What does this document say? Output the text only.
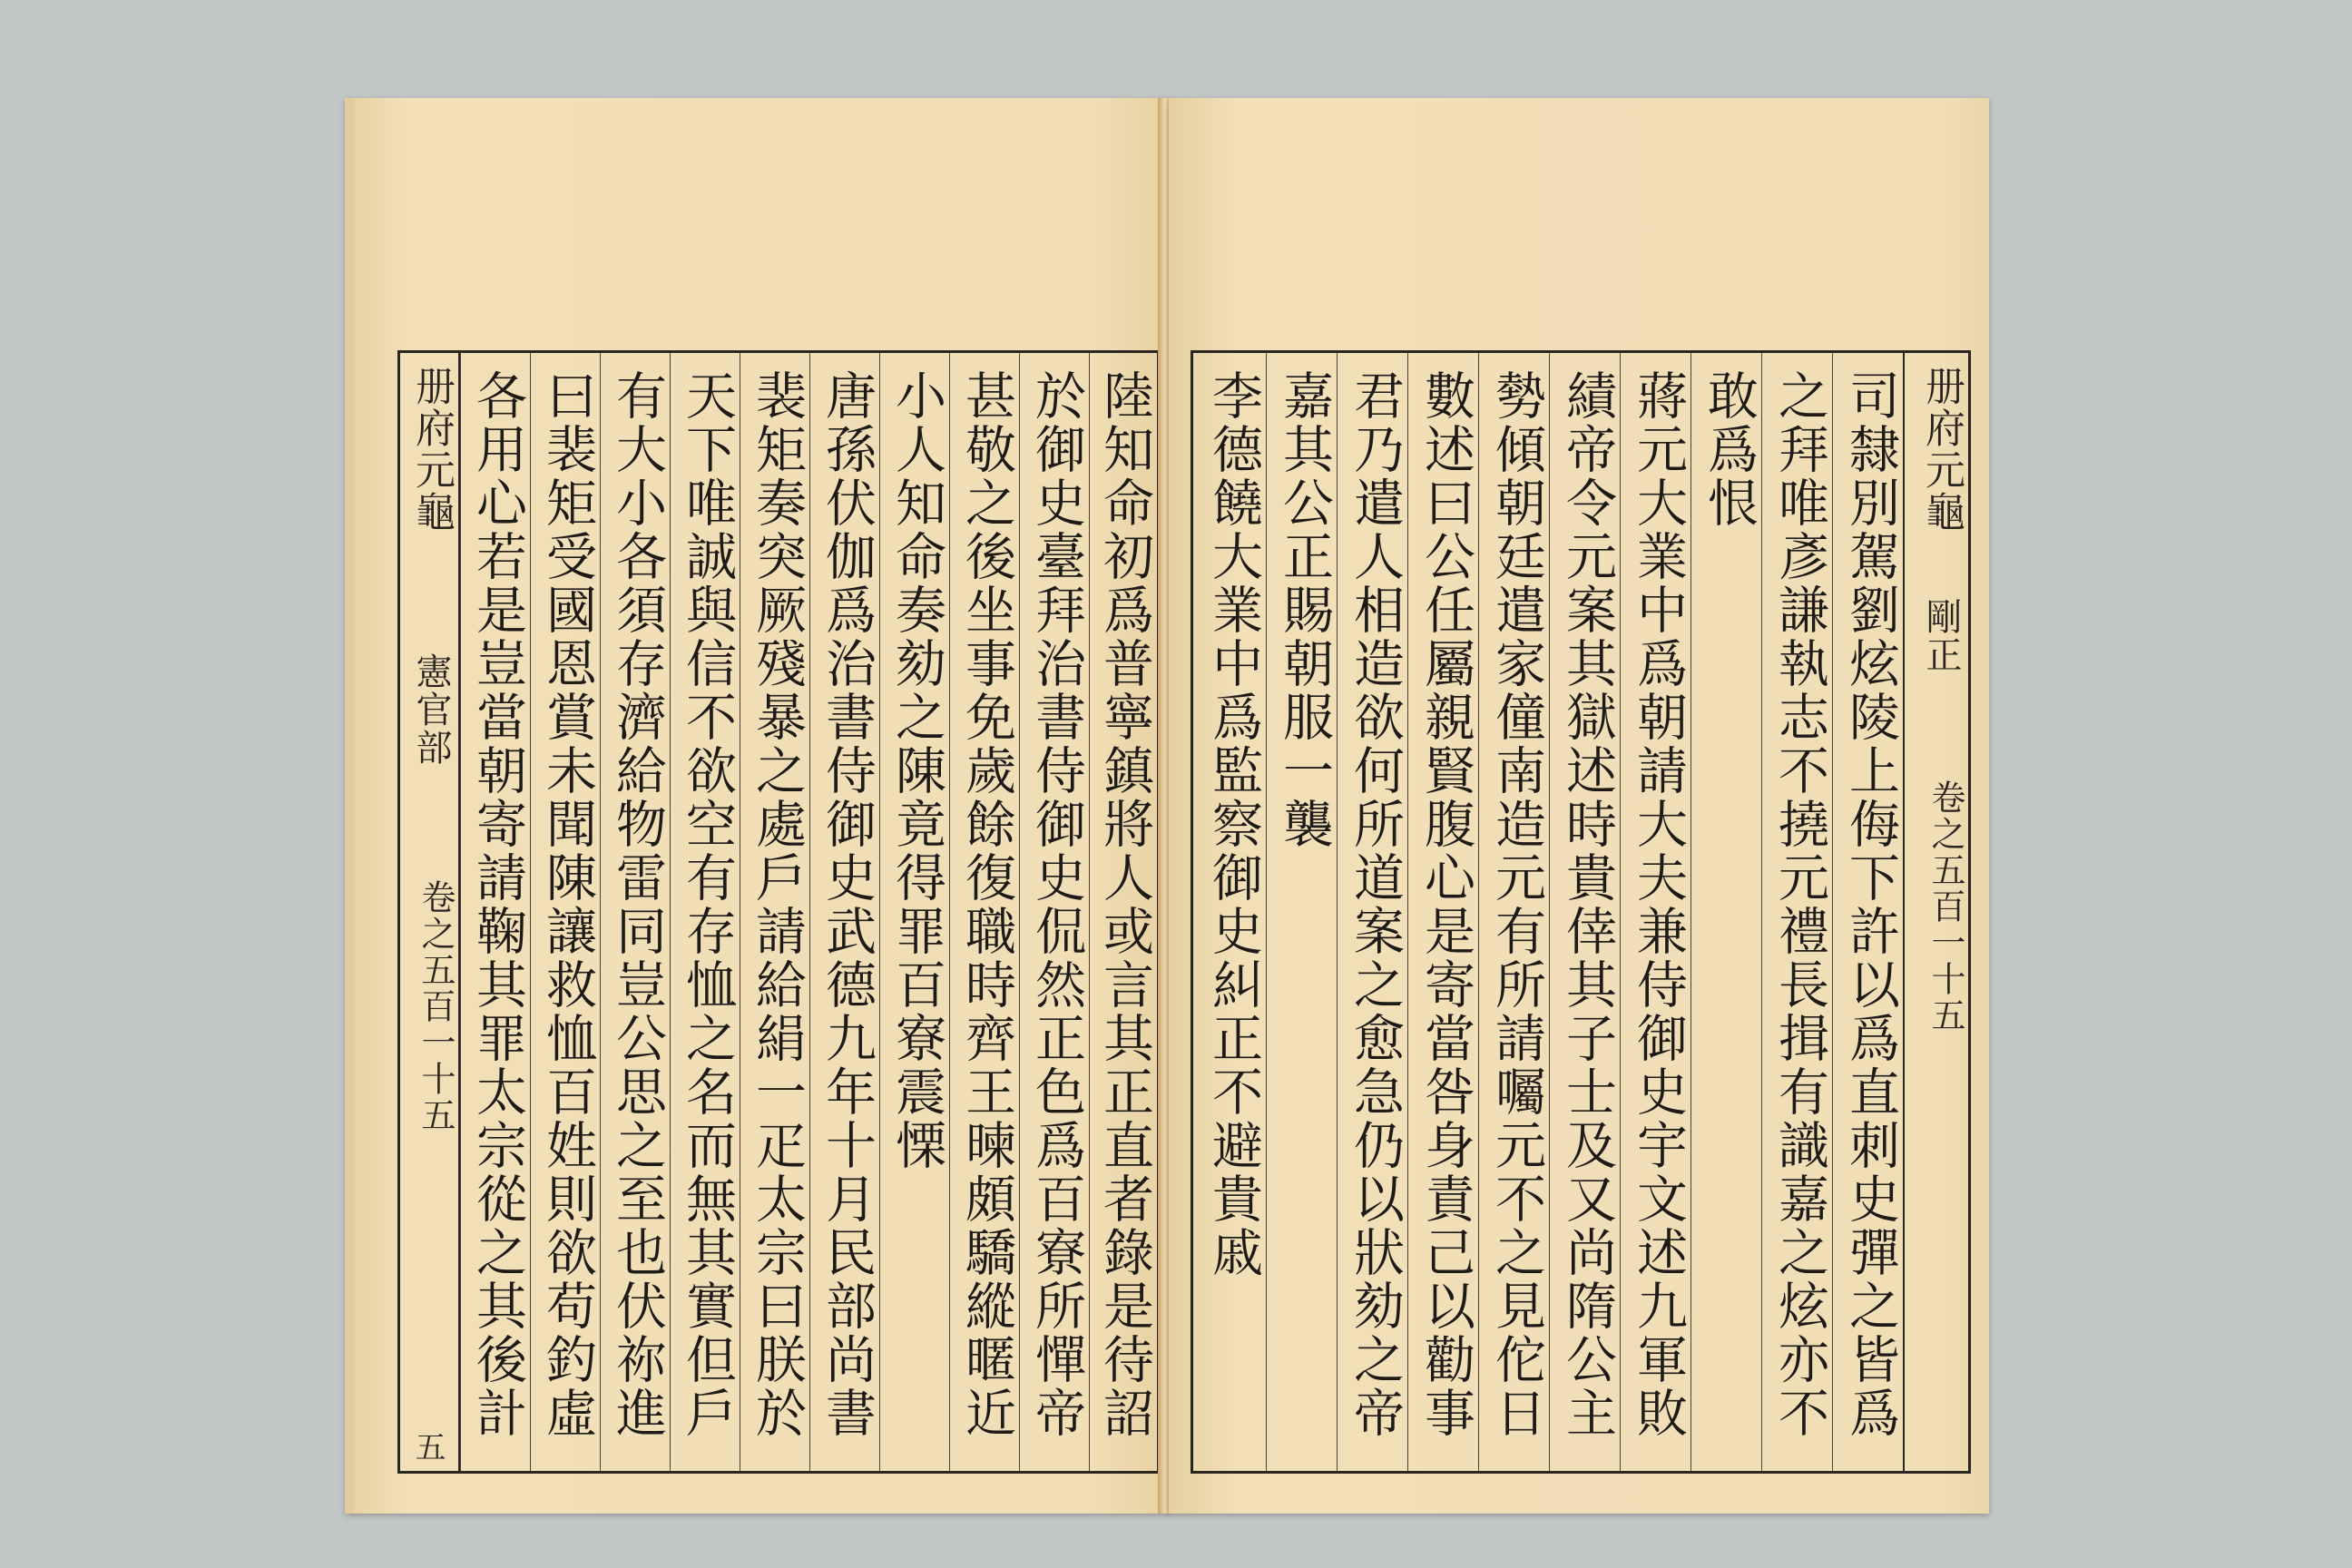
册府元龜
憲官部
卷之五百一十五
五
各用心若是豈當朝寄請鞠其罪太宗從之其後計 曰裴矩受國恩賞未聞陳讓救恤百姓則欲苟釣虛 有大小各須存濟給物雷同豈公思之至也伏祢進 天下唯誠與信不欲空有存恤之名而無其實但戶 裴矩奏突厥殘暴之處戶請給絹一疋太宗曰朕於 唐孫伏伽爲治書侍御史武德九年十月民部尚書 小人知命奏劾之陳竟得罪百寮震慄 甚敬之後坐事免歲餘復職時齊王暕頗驕縱暱近 於御史臺拜治書侍御史侃然正色爲百寮所憚帝 陸知命初爲普寧鎮將人或言其正直者錄是待詔 李德饒大業中爲監察御史糾正不避貴戚 嘉其公正賜朝服一襲 君乃遣人相造欲何所道案之愈急仍以狀劾之帝 數述曰公任屬親賢腹心是寄當咎身責己以勸事 勢傾朝廷遣家僮南造元有所請囑元不之見佗日 績帝令元案其獄述時貴倖其子士及又尚隋公主 蔣元大業中爲朝請大夫兼侍御史宇文述九軍敗 敢爲恨 之拜唯彥謙執志不撓元禮長揖有識嘉之炫亦不 司隸別駕劉炫陵上侮下許以爲直刺史彈之皆爲 册府元龜
剛正
卷之五百一十五
